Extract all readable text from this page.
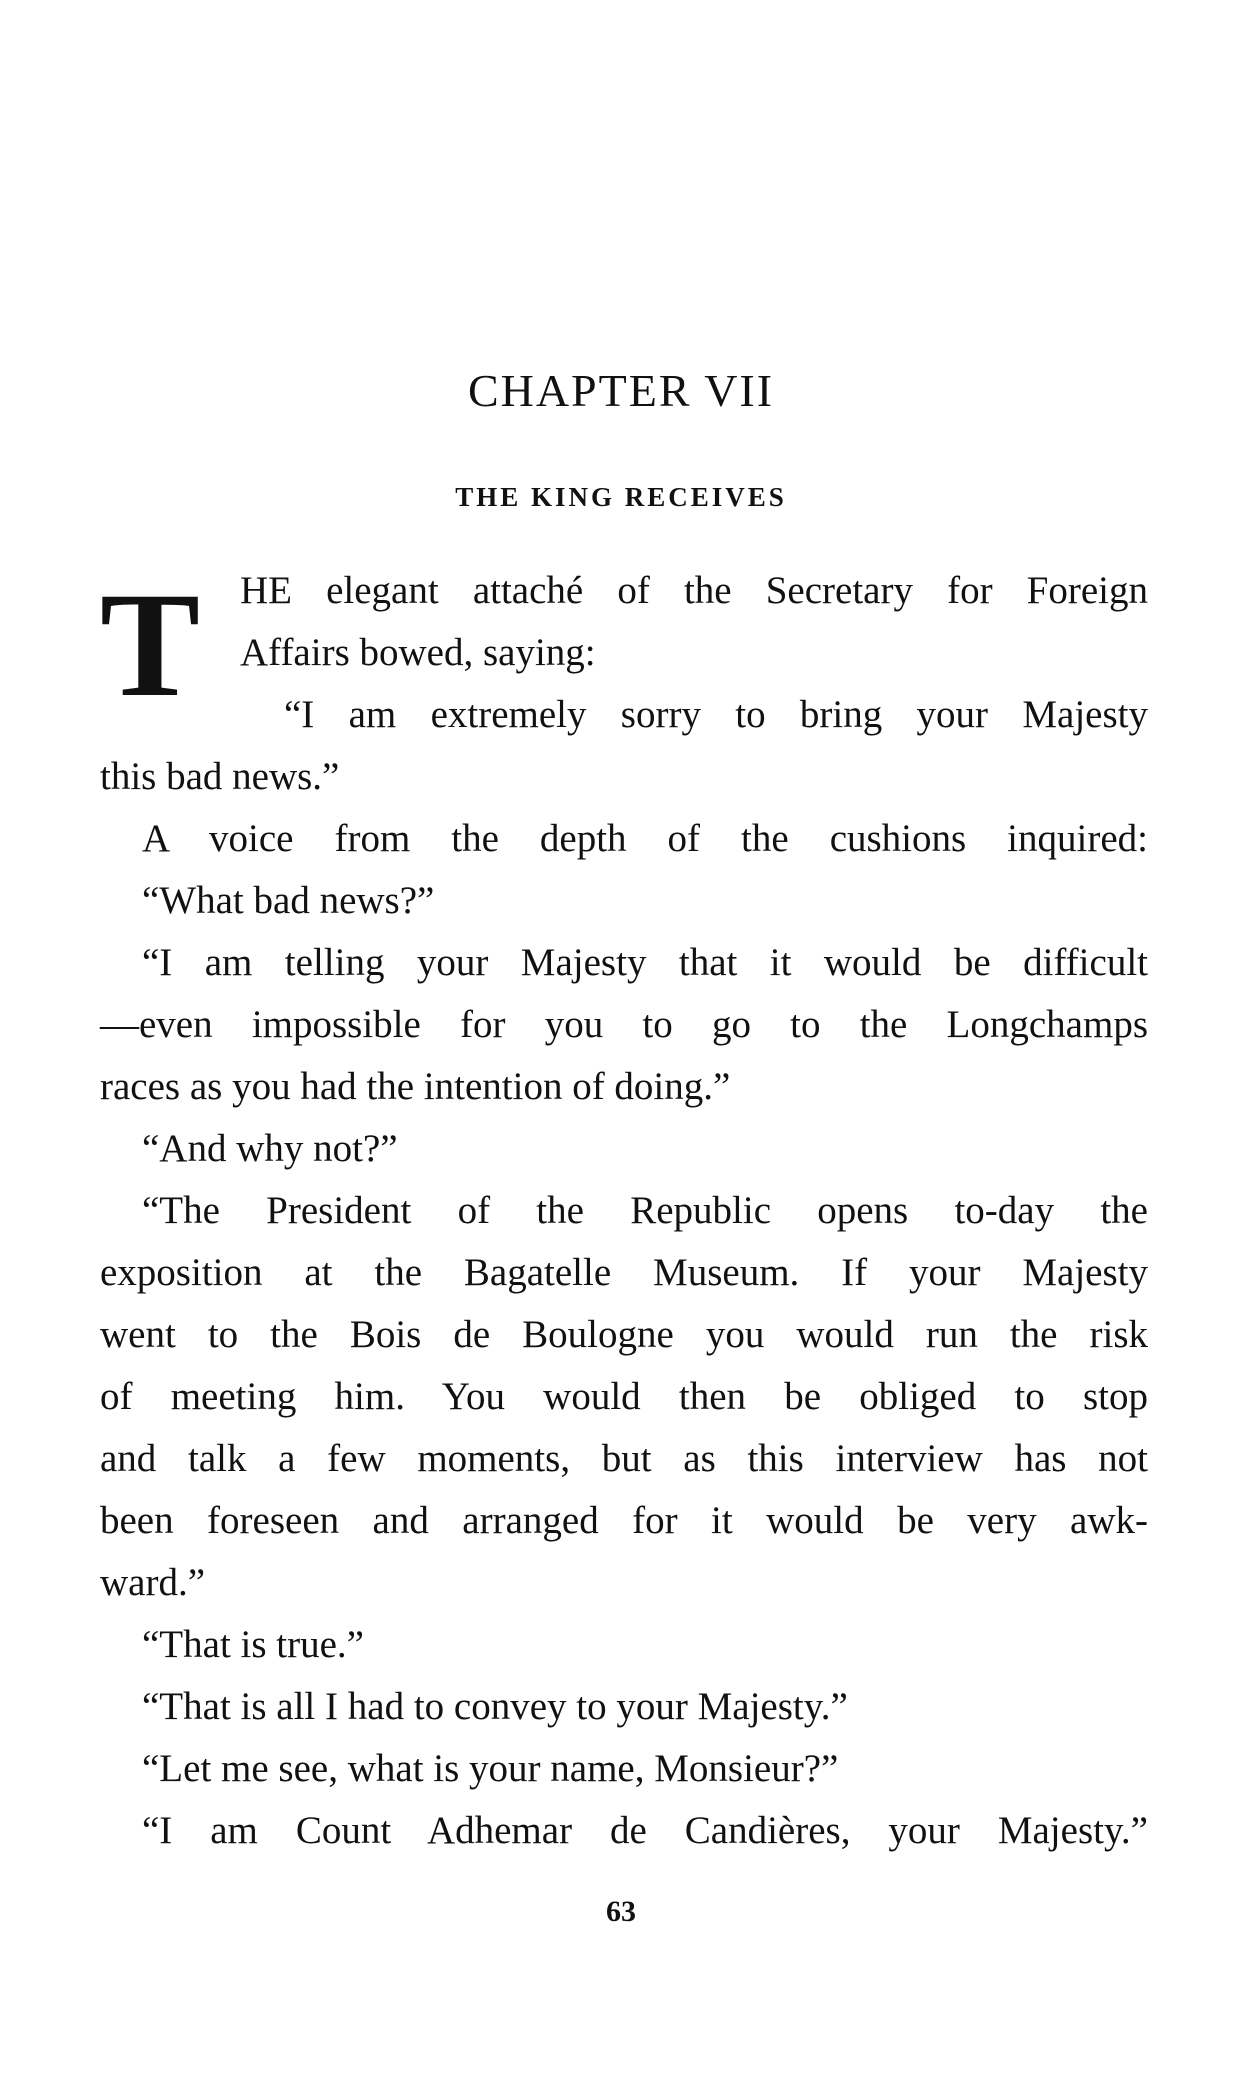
CHAPTER VII
THE KING RECEIVES
T	HE elegant attaché of the Secretary for Foreign
Affairs bowed, saying:
“I am extremely sorry to bring your Majesty
this bad news.”
A voice from the depth of the cushions inquired:
“What bad news?”
“I am telling your Majesty that it would be difficult
—even impossible for you to go to the Longchamps
races as you had the intention of doing.”
“And why not?”
“The President of the Republic opens to-day the
exposition at the Bagatelle Museum. If your Majesty
went to the Bois de Boulogne you would run the risk
of meeting him. You would then be obliged to stop
and talk a few moments, but as this interview has not
been foreseen and arranged for it would be very awk-
ward.”
“That is true.”
“That is all I had to convey to your Majesty.”
“Let me see, what is your name, Monsieur?”
“I am Count Adhemar de Candières, your Majesty.”
63
